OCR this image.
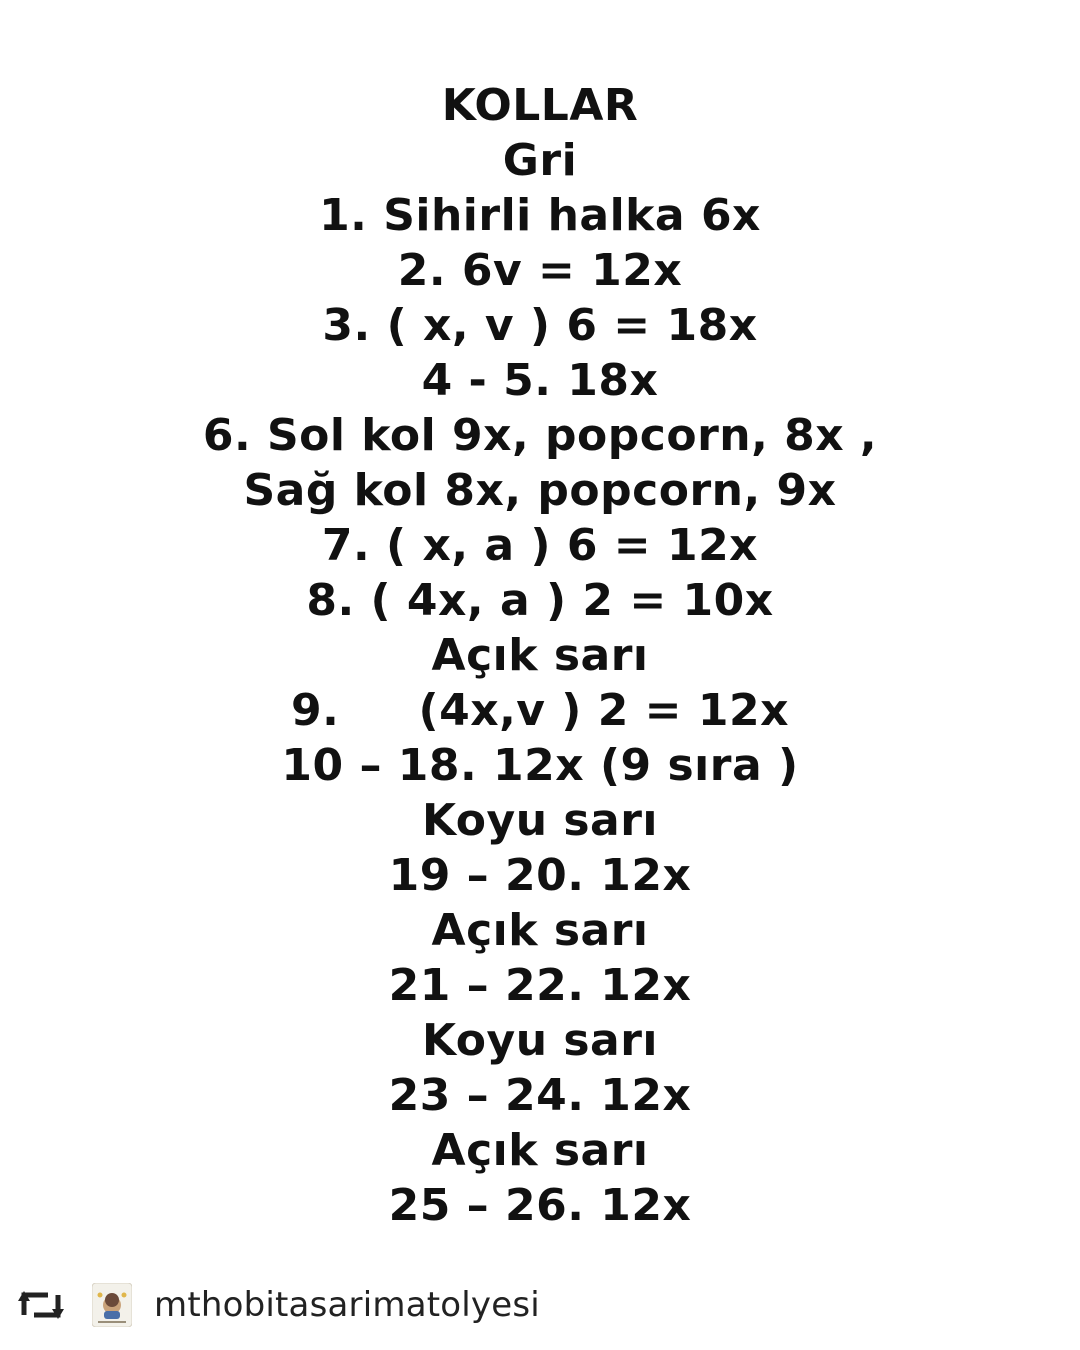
KOLLAR
Gri
1. Sihirli halka 6x
2. 6v = 12x
3. ( x, v ) 6 = 18x
4 - 5. 18x
6. Sol kol 9x, popcorn, 8x ,
Sağ kol 8x, popcorn, 9x
7. ( x, a ) 6 = 12x
8. ( 4x, a ) 2 = 10x
Açık sarı
9.     (4x,v ) 2 = 12x
10 – 18. 12x (9 sıra )
Koyu sarı
19 – 20. 12x
Açık sarı
21 – 22. 12x
Koyu sarı
23 – 24. 12x
Açık sarı
25 – 26. 12x
mthobitasarimatolyesi
